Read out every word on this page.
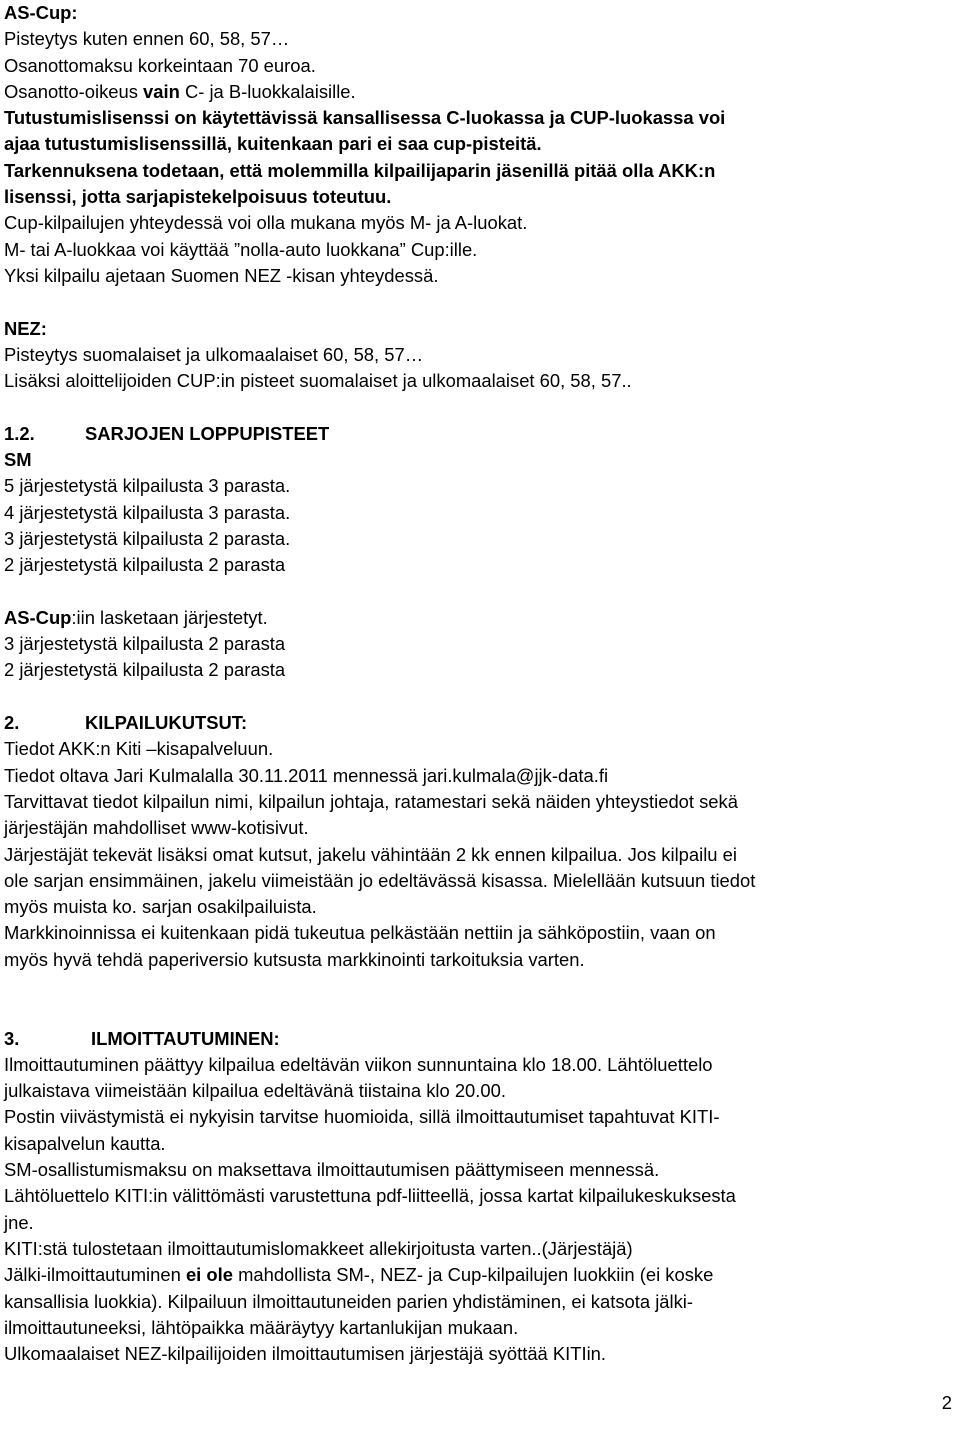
AS-Cup:
Pisteytys kuten ennen 60, 58, 57…
Osanottomaksu korkeintaan 70 euroa.
Osanotto-oikeus vain C- ja B-luokkalaisille.
Tutustumislisenssi on käytettävissä kansallisessa C-luokassa ja CUP-luokassa voi
ajaa tutustumislisenssillä, kuitenkaan pari ei saa cup-pisteitä.
Tarkennuksena todetaan, että molemmilla kilpailijaparin jäsenillä pitää olla AKK:n
lisenssi, jotta sarjapistekelpoisuus toteutuu.
Cup-kilpailujen yhteydessä voi olla mukana myös M- ja A-luokat.
M- tai A-luokkaa voi käyttää ”nolla-auto luokkana” Cup:ille.
Yksi kilpailu ajetaan Suomen NEZ -kisan yhteydessä.
NEZ:
Pisteytys suomalaiset ja ulkomaalaiset 60, 58, 57…
Lisäksi aloittelijoiden CUP:in pisteet suomalaiset ja ulkomaalaiset 60, 58, 57..
1.2.	SARJOJEN LOPPUPISTEET
SM
5 järjestetystä kilpailusta 3 parasta.
4 järjestetystä kilpailusta 3 parasta.
3 järjestetystä kilpailusta 2 parasta.
2 järjestetystä kilpailusta 2 parasta
AS-Cup:iin lasketaan järjestetyt.
3 järjestetystä kilpailusta 2 parasta
2 järjestetystä kilpailusta 2 parasta
2.	KILPAILUKUTSUT:
Tiedot AKK:n Kiti –kisapalveluun.
Tiedot oltava Jari Kulmalalla 30.11.2011 mennessä jari.kulmala@jjk-data.fi
Tarvittavat tiedot kilpailun nimi, kilpailun johtaja, ratamestari sekä näiden yhteystiedot sekä
järjestäjän mahdolliset www-kotisivut.
Järjestäjät tekevät lisäksi omat kutsut, jakelu vähintään 2 kk ennen kilpailua. Jos kilpailu ei
ole sarjan ensimmäinen, jakelu viimeistään jo edeltävässä kisassa. Mielellään kutsuun tiedot
myös muista ko. sarjan osakilpailuista.
Markkinoinnissa ei kuitenkaan pidä tukeutua pelkästään nettiin ja sähköpostiin, vaan on
myös hyvä tehdä paperiversio kutsusta markkinointi tarkoituksia varten.
3.	ILMOITTAUTUMINEN:
Ilmoittautuminen päättyy kilpailua edeltävän viikon sunnuntaina klo 18.00. Lähtöluettelo
julkaistava viimeistään kilpailua edeltävänä tiistaina klo 20.00.
Postin viivästymistä ei nykyisin tarvitse huomioida, sillä ilmoittautumiset tapahtuvat KITI-
kisapalvelun kautta.
SM-osallistumismaksu on maksettava ilmoittautumisen päättymiseen mennessä.
Lähtöluettelo KITI:in välittömästi varustettuna pdf-liitteellä, jossa kartat kilpailukeskuksesta
jne.
KITI:stä tulostetaan ilmoittautumislomakkeet allekirjoitusta varten..(Järjestäjä)
Jälki-ilmoittautuminen ei ole mahdollista SM-, NEZ- ja Cup-kilpailujen luokkiin (ei koske
kansallisia luokkia). Kilpailuun ilmoittautuneiden parien yhdistäminen, ei katsota jälki-
ilmoittautuneeksi, lähtöpaikka määräytyy kartanlukijan mukaan.
Ulkomaalaiset NEZ-kilpailijoiden ilmoittautumisen järjestäjä syöttää KITIin.
2
